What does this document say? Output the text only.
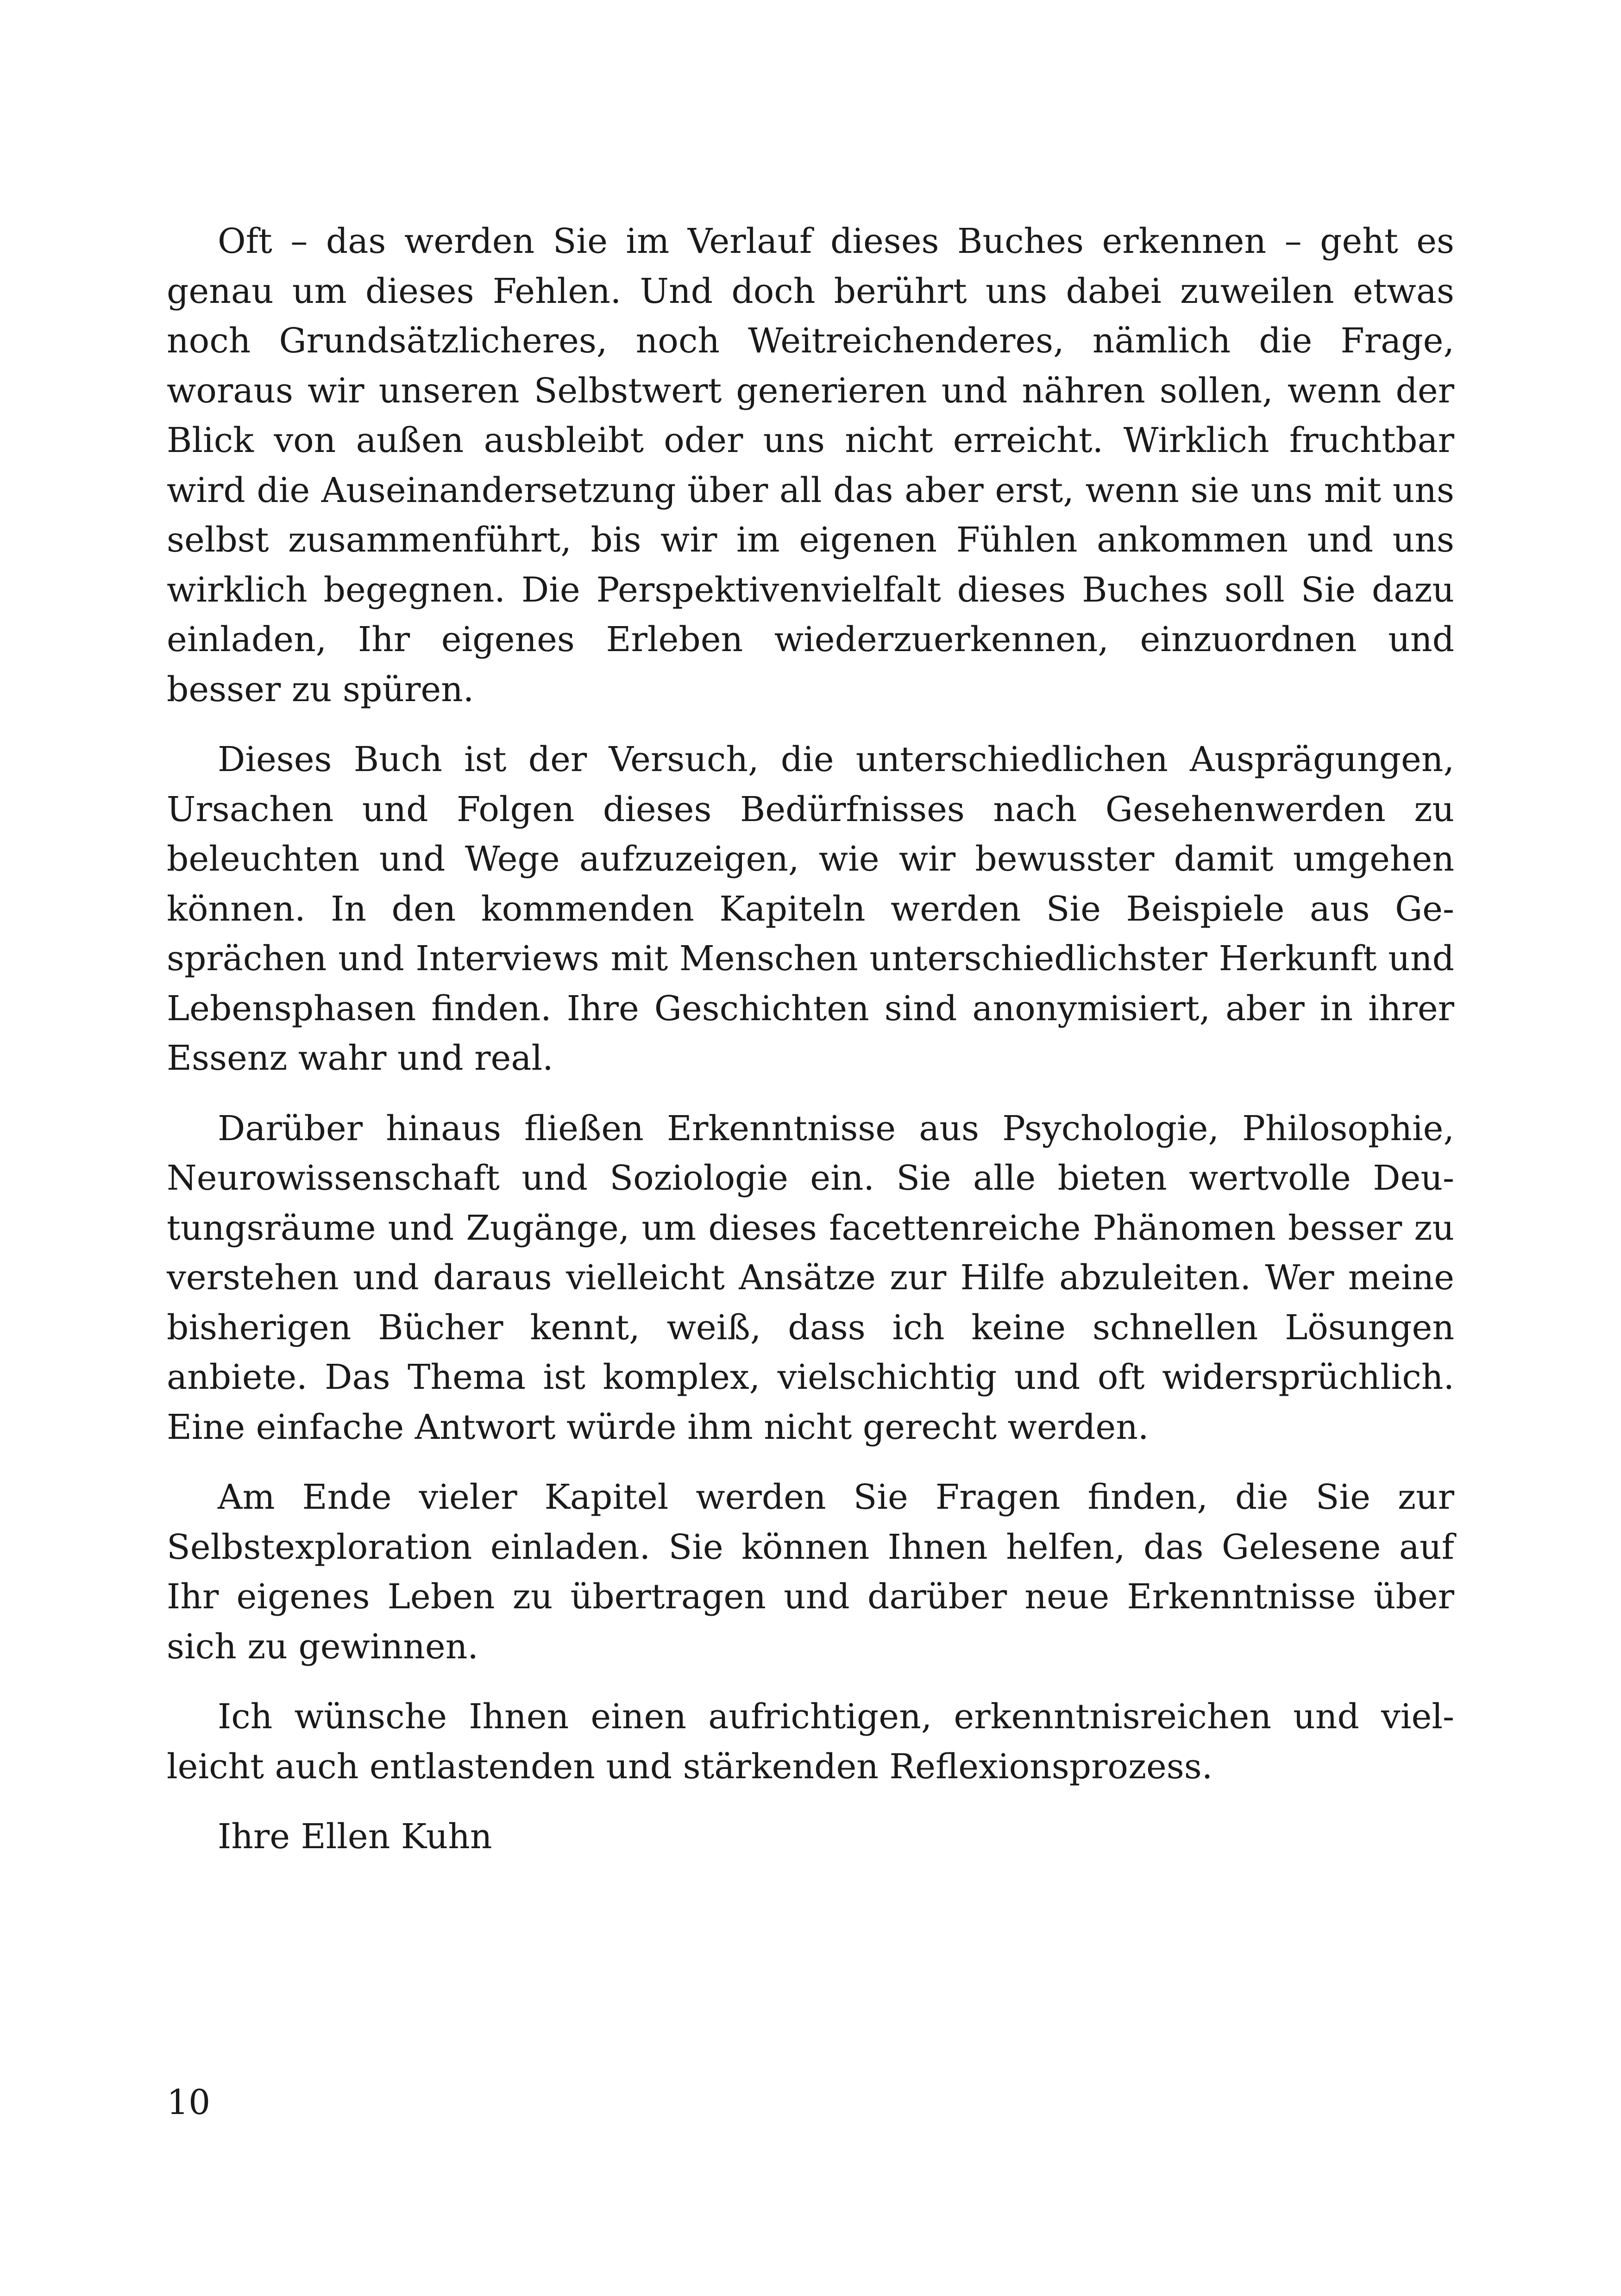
Oft – das werden Sie im Verlauf dieses Buches erkennen – geht es genau um dieses Fehlen. Und doch berührt uns dabei zuweilen etwas noch Grundsätzlicheres, noch Weitreichenderes, nämlich die Frage, woraus wir unseren Selbstwert generieren und nähren sollen, wenn der Blick von außen ausbleibt oder uns nicht erreicht. Wirklich fruchtbar wird die Auseinandersetzung über all das aber erst, wenn sie uns mit uns selbst zusammenführt, bis wir im eigenen Fühlen ankommen und uns wirklich begegnen. Die Perspektivenvielfalt dieses Buches soll Sie dazu einladen, Ihr eigenes Erleben wiederzuerkennen, einzuordnen und besser zu spüren.

Dieses Buch ist der Versuch, die unterschiedlichen Ausprägungen, Ursachen und Folgen dieses Bedürfnisses nach Gesehenwerden zu beleuchten und Wege aufzuzeigen, wie wir bewusster damit umgehen können. In den kommenden Kapiteln werden Sie Beispiele aus Gesprächen und Interviews mit Menschen unterschiedlichster Herkunft und Lebensphasen finden. Ihre Geschichten sind anonymisiert, aber in ihrer Essenz wahr und real.

Darüber hinaus fließen Erkenntnisse aus Psychologie, Philosophie, Neurowissenschaft und Soziologie ein. Sie alle bieten wertvolle Deutungsräume und Zugänge, um dieses facettenreiche Phänomen besser zu verstehen und daraus vielleicht Ansätze zur Hilfe abzuleiten. Wer meine bisherigen Bücher kennt, weiß, dass ich keine schnellen Lösungen anbiete. Das Thema ist komplex, vielschichtig und oft widersprüchlich. Eine einfache Antwort würde ihm nicht gerecht werden.

Am Ende vieler Kapitel werden Sie Fragen finden, die Sie zur Selbstexploration einladen. Sie können Ihnen helfen, das Gelesene auf Ihr eigenes Leben zu übertragen und darüber neue Erkenntnisse über sich zu gewinnen.

Ich wünsche Ihnen einen aufrichtigen, erkenntnisreichen und vielleicht auch entlastenden und stärkenden Reflexionsprozess.

Ihre Ellen Kuhn

10
